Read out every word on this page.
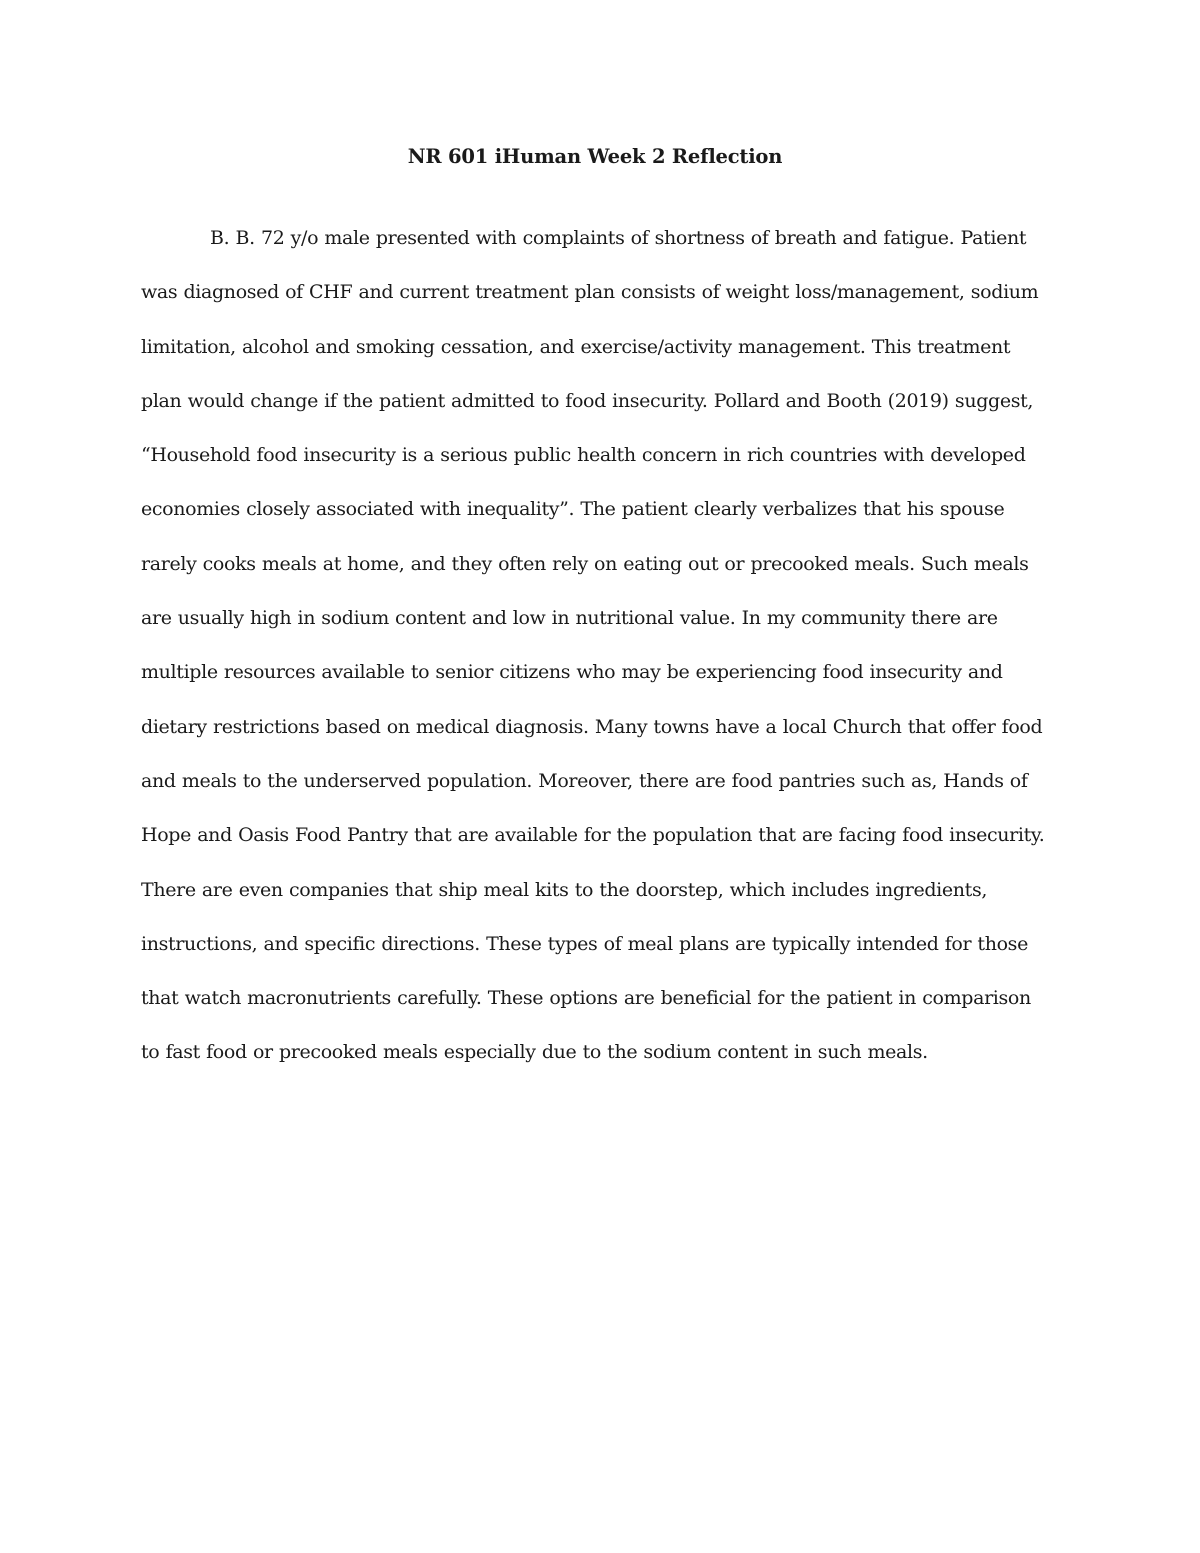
NR 601 iHuman Week 2 Reflection
B. B. 72 y/o male presented with complaints of shortness of breath and fatigue. Patient
was diagnosed of CHF and current treatment plan consists of weight loss/management, sodium
limitation, alcohol and smoking cessation, and exercise/activity management. This treatment
plan would change if the patient admitted to food insecurity. Pollard and Booth (2019) suggest,
“Household food insecurity is a serious public health concern in rich countries with developed
economies closely associated with inequality”. The patient clearly verbalizes that his spouse
rarely cooks meals at home, and they often rely on eating out or precooked meals. Such meals
are usually high in sodium content and low in nutritional value. In my community there are
multiple resources available to senior citizens who may be experiencing food insecurity and
dietary restrictions based on medical diagnosis. Many towns have a local Church that offer food
and meals to the underserved population. Moreover, there are food pantries such as, Hands of
Hope and Oasis Food Pantry that are available for the population that are facing food insecurity.
There are even companies that ship meal kits to the doorstep, which includes ingredients,
instructions, and specific directions. These types of meal plans are typically intended for those
that watch macronutrients carefully. These options are beneficial for the patient in comparison
to fast food or precooked meals especially due to the sodium content in such meals.
